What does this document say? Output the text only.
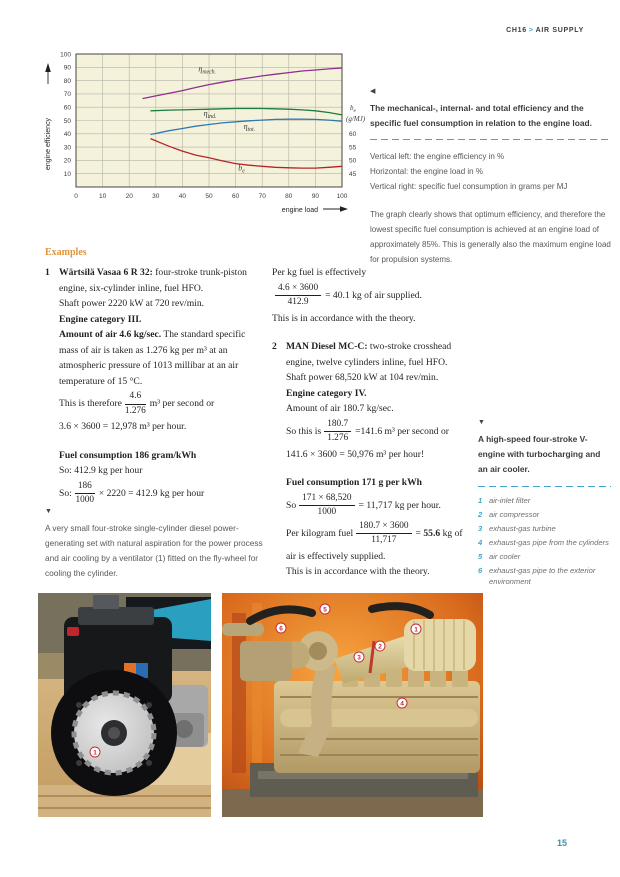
CH16 > AIR SUPPLY
0	10	20	30	40	50	60	70	80	90	100
10
20
30
40
50
60
70
80
90
100
60
55
50
45
$\eta_{mech.}$
$\eta_{ind.}$
$\eta_{tot.}$
$b_e$
engine efficiency
engine load
$b_e$
(g/MJ)
◀
The mechanical-, internal- and total efficiency and the specific fuel consumption in relation to the engine load.
Vertical left: the engine efficiency in %
Horizontal: the engine load in %
Vertical right: specific fuel consumption in grams per MJ
The graph clearly shows that optimum efficiency, and therefore the lowest specific fuel consumption is achieved at an engine load of approximately 85%. This is generally also the maximum engine load for propulsion systems.
Examples
1 Wärtsilä Vasaa 6 R 32: four-stroke trunk-piston engine, six-cylinder inline, fuel HFO.
Shaft power 2220 kW at 720 rev/min.
Engine category III.
Amount of air 4.6 kg/sec. The standard specific mass of air is taken as 1.276 kg per m³ at an atmospheric pressure of 1013 millibar at an air temperature of 15 °C.
This is therefore $\frac{4.6}{1.276} m^3$ per second or
3.6 × 3600 = 12,978 m³ per hour.
Fuel consumption 186 gram/kWh
So: 412.9 kg per hour
So: $\frac{186}{1000} \times 2220 = 412.9$ kg per hour
Per kg fuel is effectively
$\frac{4.6 \times 3600}{412.9} = 40.1$ kg of air supplied.
This is in accordance with the theory.
2 MAN Diesel MC-C: two-stroke crosshead engine, twelve cylinders inline, fuel HFO.
Shaft power 68,520 kW at 104 rev/min.
Engine category IV.
Amount of air 180.7 kg/sec.
So this is $\frac{180.7}{1.276} =141.6$ m³ per second or
141.6 × 3600 = 50,976 m³ per hour!
Fuel consumption 171 g per kWh
So $\frac{171 \times 68,520}{1000} = 11,717$ kg per hour.
Per kilogram fuel $\frac{180.7 \times 3600}{11,717} = 55.6$ kg of
air is effectively supplied.
This is in accordance with the theory.
▼
A very small four-stroke single-cylinder diesel power-generating set with natural aspiration for the power process and air cooling by a ventilator (1) fitted on the fly-wheel for cooling the cylinder.
▼
A high-speed four-stroke V-engine with turbocharging and an air cooler.
1 air-inlet filter
2 air compressor
3 exhaust-gas turbine
4 exhaust-gas pipe from the cylinders
5 air cooler
6 exhaust-gas pipe to the exterior environment
1
5
6
2
3
4
1
15
